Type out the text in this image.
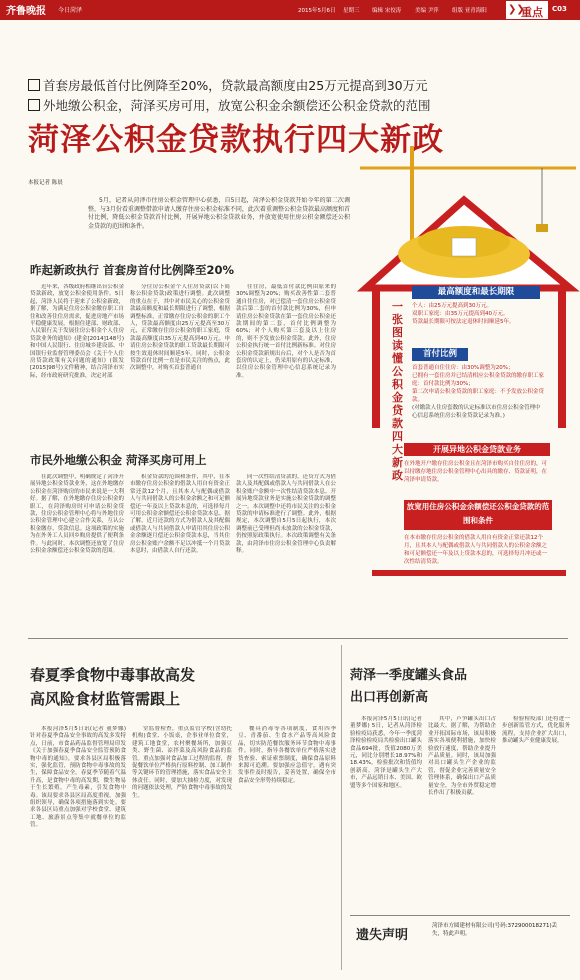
齐鲁晚报 今日菏泽	2015年5月6日 星期三 编辑 宋佼涛	美编 尹萍 组版 亚青海阳 ❯❯
重点 C03
首套房最低首付比例降至20%，贷款最高额度由25万元提高到30万元
外地缴公积金，菏泽买房可用，放宽公积金余额偿还公积金贷款的范围
菏泽公积金贷款执行四大新政
本报记者 陈晨

5月，记者从菏泽市住房公积金管理中心获悉，自5日起，菏泽公积金贷款开始今年的第二次调整，与3月份看重调整借款申请人缴存住房公积金标准不同，此次着重调整公积金贷款最高额度和首付比例，降低公积金贷款首付比例，开展异地公积金贷款业务，并放宽使用住房公积金额偿还公积金贷款的范围和条件。

一张图读懂公积金贷款四大新政
最高额度和最长期限
个人：由25万元提高到30万元。
双职工家庭：由35万元提高到40万元。
贷款最长期限可按法定退休时间顺延5年。
首付比例
首套普通自住住房：由30%调整为20%；
已拥有一套住房并已结清相应公积金贷款的缴存职工家庭：首付款比例为30%；
第二次申请公积金贷款的职工家庭：不予发放公积金贷款。
(对缴款人住房套数的认定标准以市住房公积金管理中心信息系统住房公积金贷款记录为准。)
开展异地公积金贷款业务
在外地开户缴存住房公积金且在菏泽市购买自住住房的，可以持缴存地住房公积金管理中心出具的缴存、贷款证明，在菏泽申请贷款。
放宽用住房公积金余额偿还公积金贷款的范围和条件
在本市缴存住房公积金的借款人用自有资金正常还款12个月，且其本人与配偶或借款人与共同借款人的公积金余额之和可足额偿还一年及以上贷款本息的，可选择每月冲还或一次性结清贷款。
昨起新政执行 首套房首付比例降至20%

近年来，各级政府相继出台公积金贷款新政，放宽公积金使用条件。5日起，菏泽人民将于迎来了公积金新政，据了解，为满足住房公积金缴存职工自住和改善住住房需求，促进房地产市场平稳健康发展，根据住建部、财政部、人民银行关于发展住房公积金个人住房贷款业务的通知》(建金[2014]148号)和中国人民银行、住房城乡建设部、中国银行业监督管理委员会《关于个人住房贷款政策有关问题的通知》(银发[2015]98号)文件精神，结合菏泽市实际，经市政府研究批准，决定对部

分住房公积金个人住房贷款(以下简称公积金贷款)政策进行调整。此次调整的重点在于，其中对市民关心的公积金贷款最高额度和最长期限进行了调整，根据调整标准，正常缴存住房公积金的职工个人，贷款最高额度由25万元提高至30万元，正常缴存住房公积金的职工家庭，贷款最高额度由35万元提高到40万元。申请住房公积金贷款的职工贷款最长期限可按生效退休时间顺延5年。同时，公积金贷款首付比例一直是市民关注的热点，此次调整中，对购买首套普通自

住住房，最低首付款比例由原来的30%调整为20%；购买改善性第二套普通自住住房，对已偿清一套住房公积金贷款后第二套的首付款比例为30%，但申请住房公积金贷款在第一套住房公积金还款期间的第二套，首付比例调整为60%；对个人购买第三套及以上住房的，则不予发放公积金贷款。此外，住房公积金执行统一首付比例新标准。对住房公积金贷款新规出台后，对个人是否为首套房的认定上，仍采用原有的认定标准，以住房公积金管理中心信息系统记录为准。

市民外地缴公积金 菏泽买房可用上

在此次调整中，明确规定了菏泽开展异地公积金贷款业务，这在外地缴存公积金在菏泽购房的市民来说是一大利好。据了解，在外地缴存住房公积金的职工，在菏泽购房时可申请公积金贷款，住房公积金管理中心将与外地住房公积金管理中心建立合作关系，互认公积金缴存、贷款信息。这项政策的实施为在外务工人员回乡购房提供了便利条件。与此同时，本次调整还放宽了住房公积金余额偿还公积金贷款的范围。

积金贷款的范围和条件，其中，在本市缴存住房公积金的借款人用自有资金正常还款12个月，且其本人与配偶或借款人与共同借款人的公积金余额之和可足额偿还一年及以上贷款本息的，可选择每月可用公积金余额偿还公积金贷款本息。据了解，近月还款的方式为借款人及其配偶或借款人与共同借款人申请用其住房公积金余额逐月偿还公积金贷款本息，当其住房公积金账户余额不足以冲抵一个月贷款本息时，由借款人自行还款。

同一次性结清贷款的，还贷方式为借款人及其配偶或借款人与共同借款人在公积金账户金额中一次性结清贷款本息。开展异地贷款业务是实施公积金贷款的调整之一。本次调整中还将市民关注的公积金贷款的申请标准进行了调整。此外，根据规定，本次调整自5月5日起执行，本次调整前已受理但尚未放款的公积金贷款，仍按照原政策执行。本次政策调整有关条款，由菏泽市住房公积金管理中心负责解释。

春夏季食物中毒事故高发
高风险食材监管需跟上

本报菏泽5月5日讯(记者 董梦娜) 针对春夏季食品安全事故的高发多发特点，日前，市食品药品监督管理局印发《关于加强春夏季食品安全监管预防食物中毒的通知》，要求各县区局积极落实，强化监管，预防食物中毒事故的发生，保障食品安全。春夏季节随着气温升高，是食物中毒的高发期，微生物易于生长繁殖，产生毒素，引发食物中毒。该局要求各县区局高度重视，加强组织领导，确保各项措施落到实处。要求各县区局重点加强对学校食堂、建筑工地、旅游景点等集中就餐单位的监管。

堂监督检查，重点监管学校(含幼托机构)食堂、小饭桌，企事业单位食堂，建筑工地食堂，农村聚餐场所，加强豆类、野生菌、凉拌菜及高风险食品的监管。重点加强对食品加工过程的监督，督促餐饮单位严格执行原料控制、加工制作等关键环节的管理措施，落实食品安全主体责任。同时，要加大抽检力度，对发现的问题依法处理，严防食物中毒事故的发生。

餐具消毒等各项制度，食用四季豆、青番茄、生食水产品等高风险食品，切实防范餐饮服务环节食物中毒事件。同时，指导各餐饮单位严格落实进货查验、索证索票制度，确保食品原料来源可追溯。要加强应急值守，遇有突发事件及时报告，妥善处置，确保全市食品安全形势持续稳定。

菏泽一季度罐头食品
出口再创新高

本报菏泽5月5日讯(记者 董梦娜) 5日，记者从菏泽检验检疫局获悉，今年一季度菏泽检验检疫局共检验出口罐头食品694批，货值2080万美元，同比分别增长18.97%和18.43%，检验批次和货值均创新高。菏泽是罐头生产大市，产品远销日本、美国、欧盟等多个国家和地区。

其中，芦笋罐头出口占比最大。据了解，为帮助企业开拓国际市场，该局积极落实各项便利措施，加快检验放行速度，帮助企业提升产品质量。同时，该局加强对出口罐头生产企业的监管，督促企业完善质量安全管理体系，确保出口产品质量安全，为全市外贸稳定增长作出了积极贡献。

检验检疫部门还将进一步创新监管方式，优化服务流程，支持企业扩大出口，推动罐头产业健康发展。

遗失声明
菏泽市方圆建材有限公司(号码:372900018271)丢失，特此声明。
